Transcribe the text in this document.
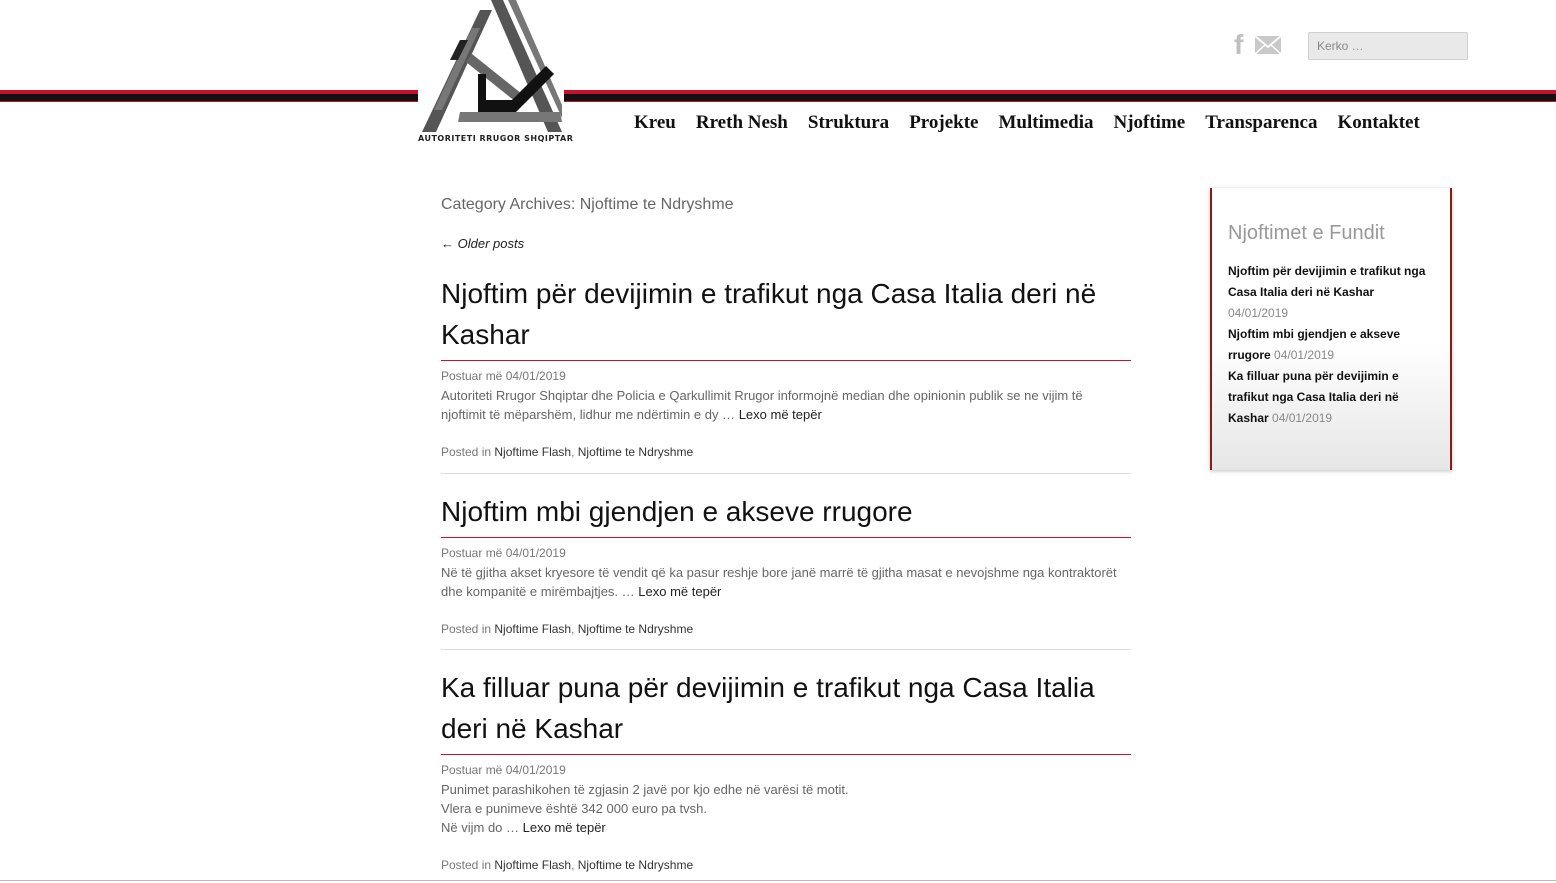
AUTORITETI RRUGOR SHQIPTAR
f
Kerko …
Kreu	Rreth Nesh	Struktura	Projekte	Multimedia	Njoftime	Transparenca	Kontaktet
Category Archives: Njoftime te Ndryshme
← Older posts
Njoftim për devijimin e trafikut nga Casa Italia deri në Kashar
Postuar më 04/01/2019

Autoriteti Rrugor Shqiptar dhe Policia e Qarkullimit Rrugor informojnë median dhe opinionin publik se ne vijim të

njoftimit të mëparshëm, lidhur me ndërtimin e dy … Lexo më tepër

Posted in Njoftime Flash, Njoftime te Ndryshme
Njoftim mbi gjendjen e akseve rrugore
Postuar më 04/01/2019

Në të gjitha akset kryesore të vendit që ka pasur reshje bore janë marrë të gjitha masat e nevojshme nga kontraktorët

dhe kompanitë e mirëmbajtjes. … Lexo më tepër

Posted in Njoftime Flash, Njoftime te Ndryshme
Ka filluar puna për devijimin e trafikut nga Casa Italia deri në Kashar
Postuar më 04/01/2019

Punimet parashikohen të zgjasin 2 javë por kjo edhe në varësi të motit.

Vlera e punimeve është 342 000 euro pa tvsh.

Në vijm do … Lexo më tepër

Posted in Njoftime Flash, Njoftime te Ndryshme
Njoftimet e Fundit
Njoftim për devijimin e trafikut nga Casa Italia deri në Kashar 04/01/2019
Njoftim mbi gjendjen e akseve rrugore 04/01/2019
Ka filluar puna për devijimin e trafikut nga Casa Italia deri në Kashar 04/01/2019
